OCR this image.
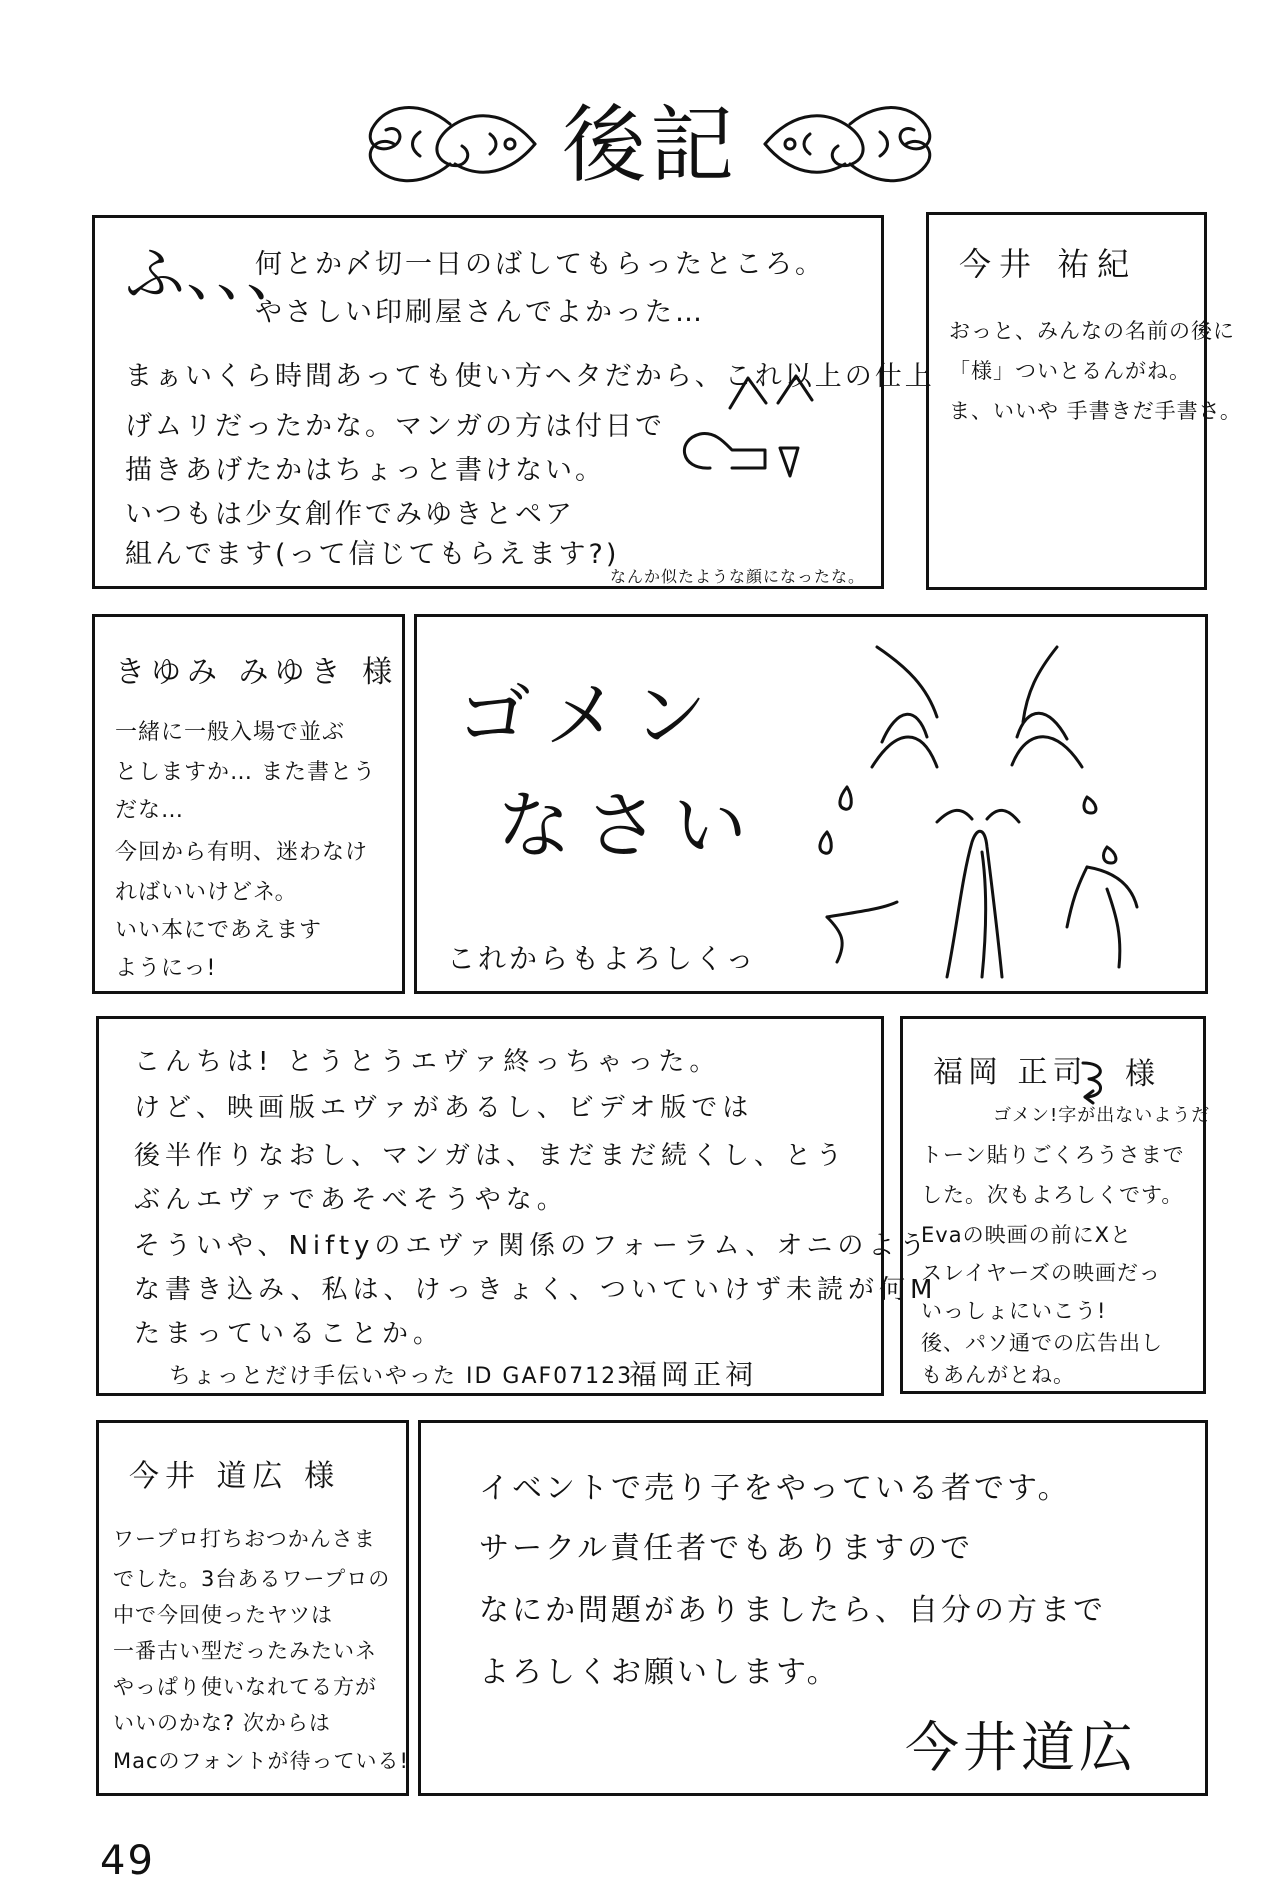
後記
ふ、、、
何とか〆切一日のばしてもらったところ。
やさしい印刷屋さんでよかった…
まぁいくら時間あっても使い方ヘタだから、これ以上の仕上
げムリだったかな。マンガの方は付日で
描きあげたかはちょっと書けない。
いつもは少女創作でみゆきとペア
組んでます(って信じてもらえます?)
なんか似たような顔になったな。
今井 祐紀
おっと、みんなの名前の後に
「様」ついとるんがね。
ま、いいや 手書きだ手書さ。
きゆみ みゆき 様
一緒に一般入場で並ぶ
としますか… また書とう
だな…
今回から有明、迷わなけ
ればいいけどネ。
いい本にであえます
ようにっ!
ゴメン
なさい
これからもよろしくっ
こんちは! とうとうエヴァ終っちゃった。
けど、映画版エヴァがあるし、ビデオ版では
後半作りなおし、マンガは、まだまだ続くし、とう
ぶんエヴァであそべそうやな。
そういや、Niftyのエヴァ関係のフォーラム、オニのよう
な書き込み、私は、けっきょく、ついていけず未読が何M
たまっていることか。
ちょっとだけ手伝いやった ID GAF07123
福岡正祠
福岡 正司 様
ゴメン!字が出ないようだ
トーン貼りごくろうさまで
した。次もよろしくです。
Evaの映画の前にXと
スレイヤーズの映画だっ
いっしょにいこう!
後、パソ通での広告出し
もあんがとね。
今井 道広 様
ワープロ打ちおつかんさま
でした。3台あるワープロの
中で今回使ったヤツは
一番古い型だったみたいネ
やっぱり使いなれてる方が
いいのかな? 次からは
Macのフォントが待っている!
イベントで売り子をやっている者です。
サークル責任者でもありますので
なにか問題がありましたら、自分の方まで
よろしくお願いします。
今井道広
49
